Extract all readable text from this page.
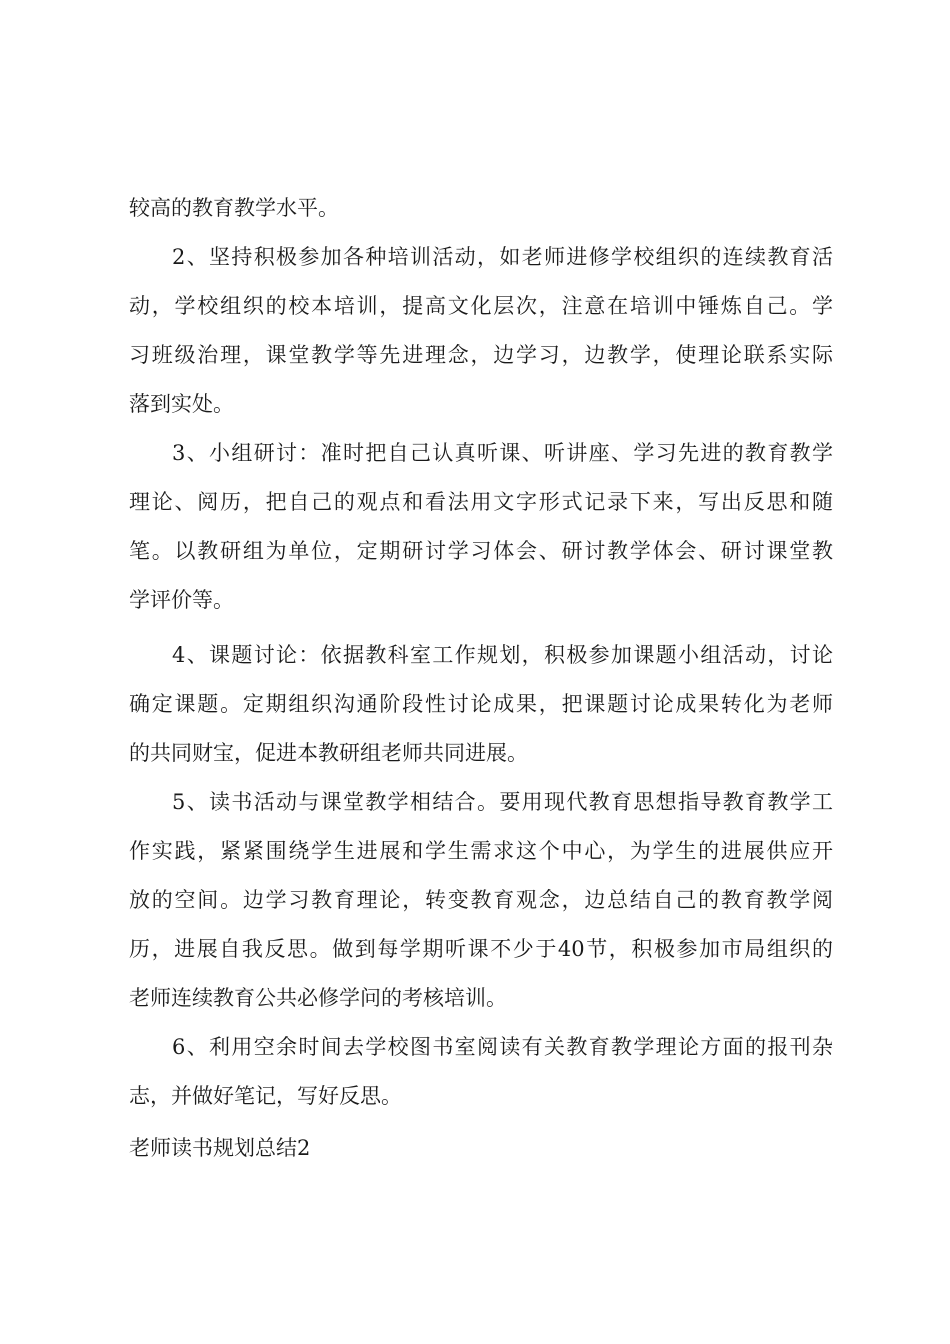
较高的教育教学水平。
2、坚持积极参加各种培训活动，如老师进修学校组织的连续教育活
动，学校组织的校本培训，提高文化层次，注意在培训中锤炼自己。学
习班级治理，课堂教学等先进理念，边学习，边教学，使理论联系实际
落到实处。
3、小组研讨：准时把自己认真听课、听讲座、学习先进的教育教学
理论、阅历，把自己的观点和看法用文字形式记录下来，写出反思和随
笔。以教研组为单位，定期研讨学习体会、研讨教学体会、研讨课堂教
学评价等。
4、课题讨论：依据教科室工作规划，积极参加课题小组活动，讨论
确定课题。定期组织沟通阶段性讨论成果，把课题讨论成果转化为老师
的共同财宝，促进本教研组老师共同进展。
5、读书活动与课堂教学相结合。要用现代教育思想指导教育教学工
作实践，紧紧围绕学生进展和学生需求这个中心，为学生的进展供应开
放的空间。边学习教育理论，转变教育观念，边总结自己的教育教学阅
历，进展自我反思。做到每学期听课不少于40节，积极参加市局组织的
老师连续教育公共必修学问的考核培训。
6、利用空余时间去学校图书室阅读有关教育教学理论方面的报刊杂
志，并做好笔记，写好反思。
老师读书规划总结2
